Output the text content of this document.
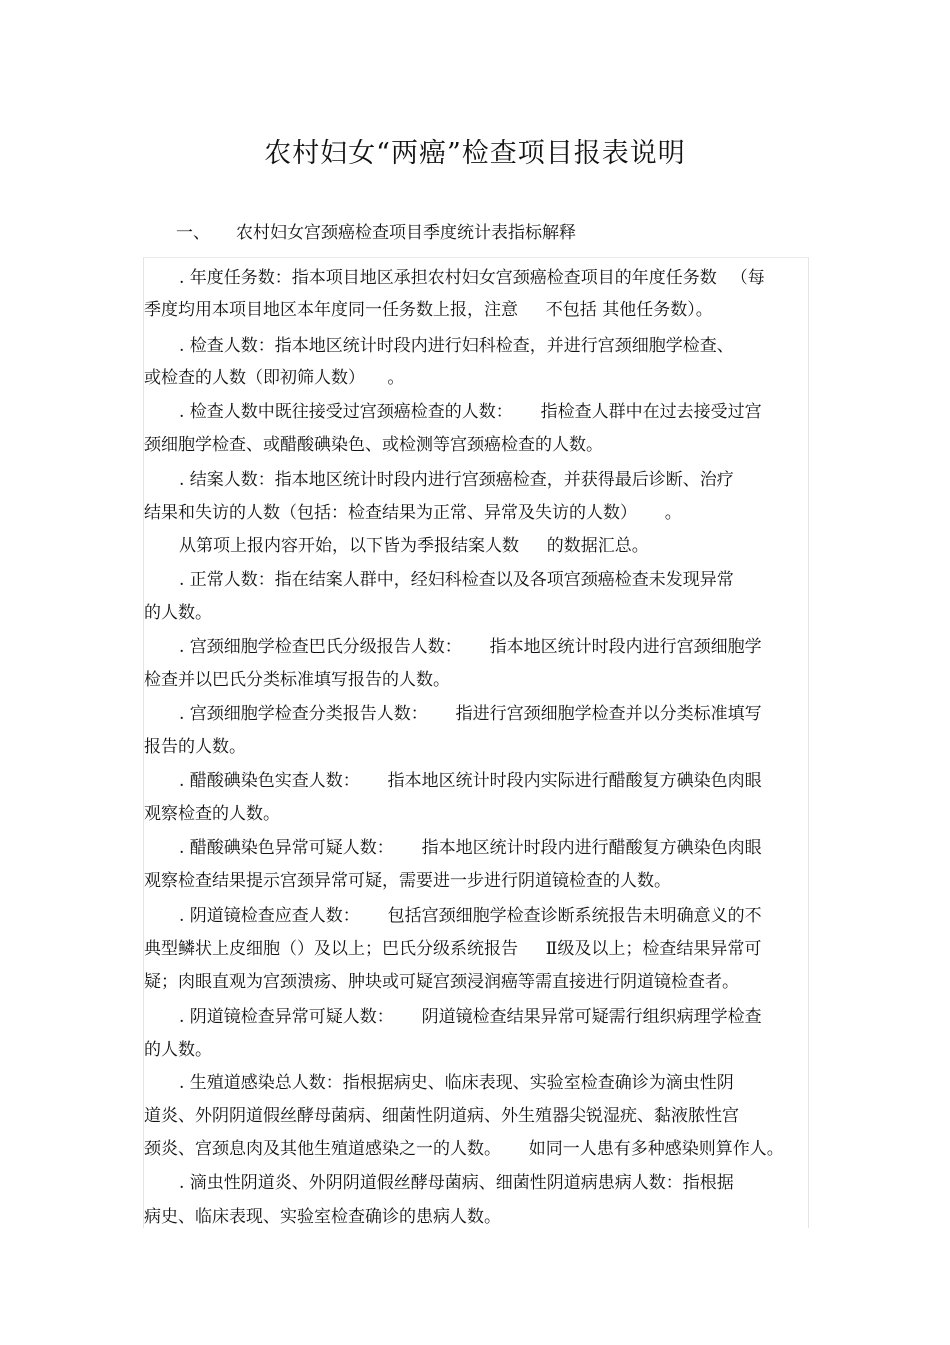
农村妇女“两癌”检查项目报表说明
一、 农村妇女宫颈癌检查项目季度统计表指标解释
. 年度任务数：指本项目地区承担农村妇女宫颈癌检查项目的年度任务数 　（每
季度均用本项目地区本年度同一任务数上报，注意 　 不包括 其他任务数）。
. 检查人数：指本地区统计时段内进行妇科检查，并进行宫颈细胞学检查、
或检查的人数（即初筛人数） 　。
. 检查人数中既往接受过宫颈癌检查的人数： 　 指检查人群中在过去接受过宫
颈细胞学检查、或醋酸碘染色、或检测等宫颈癌检查的人数。
. 结案人数：指本地区统计时段内进行宫颈癌检查，并获得最后诊断、治疗
结果和失访的人数（包括：检查结果为正常、异常及失访的人数） 　 。
从第项上报内容开始，以下皆为季报结案人数 　 的数据汇总。
. 正常人数：指在结案人群中，经妇科检查以及各项宫颈癌检查未发现异常
的人数。
. 宫颈细胞学检查巴氏分级报告人数： 　 指本地区统计时段内进行宫颈细胞学
检查并以巴氏分类标准填写报告的人数。
. 宫颈细胞学检查分类报告人数： 　 指进行宫颈细胞学检查并以分类标准填写
报告的人数。
. 醋酸碘染色实查人数： 　 指本地区统计时段内实际进行醋酸复方碘染色肉眼
观察检查的人数。
. 醋酸碘染色异常可疑人数： 　 指本地区统计时段内进行醋酸复方碘染色肉眼
观察检查结果提示宫颈异常可疑，需要进一步进行阴道镜检查的人数。
. 阴道镜检查应查人数： 　 包括宫颈细胞学检查诊断系统报告未明确意义的不
典型鳞状上皮细胞（）及以上；巴氏分级系统报告 　 Ⅱ级及以上；检查结果异常可
疑；肉眼直观为宫颈溃疡、肿块或可疑宫颈浸润癌等需直接进行阴道镜检查者。
. 阴道镜检查异常可疑人数： 　 阴道镜检查结果异常可疑需行组织病理学检查
的人数。
. 生殖道感染总人数：指根据病史、临床表现、实验室检查确诊为滴虫性阴
道炎、外阴阴道假丝酵母菌病、细菌性阴道病、外生殖器尖锐湿疣、黏液脓性宫
颈炎、宫颈息肉及其他生殖道感染之一的人数。 　 如同一人患有多种感染则算作人。
. 滴虫性阴道炎、外阴阴道假丝酵母菌病、细菌性阴道病患病人数：指根据
病史、临床表现、实验室检查确诊的患病人数。
